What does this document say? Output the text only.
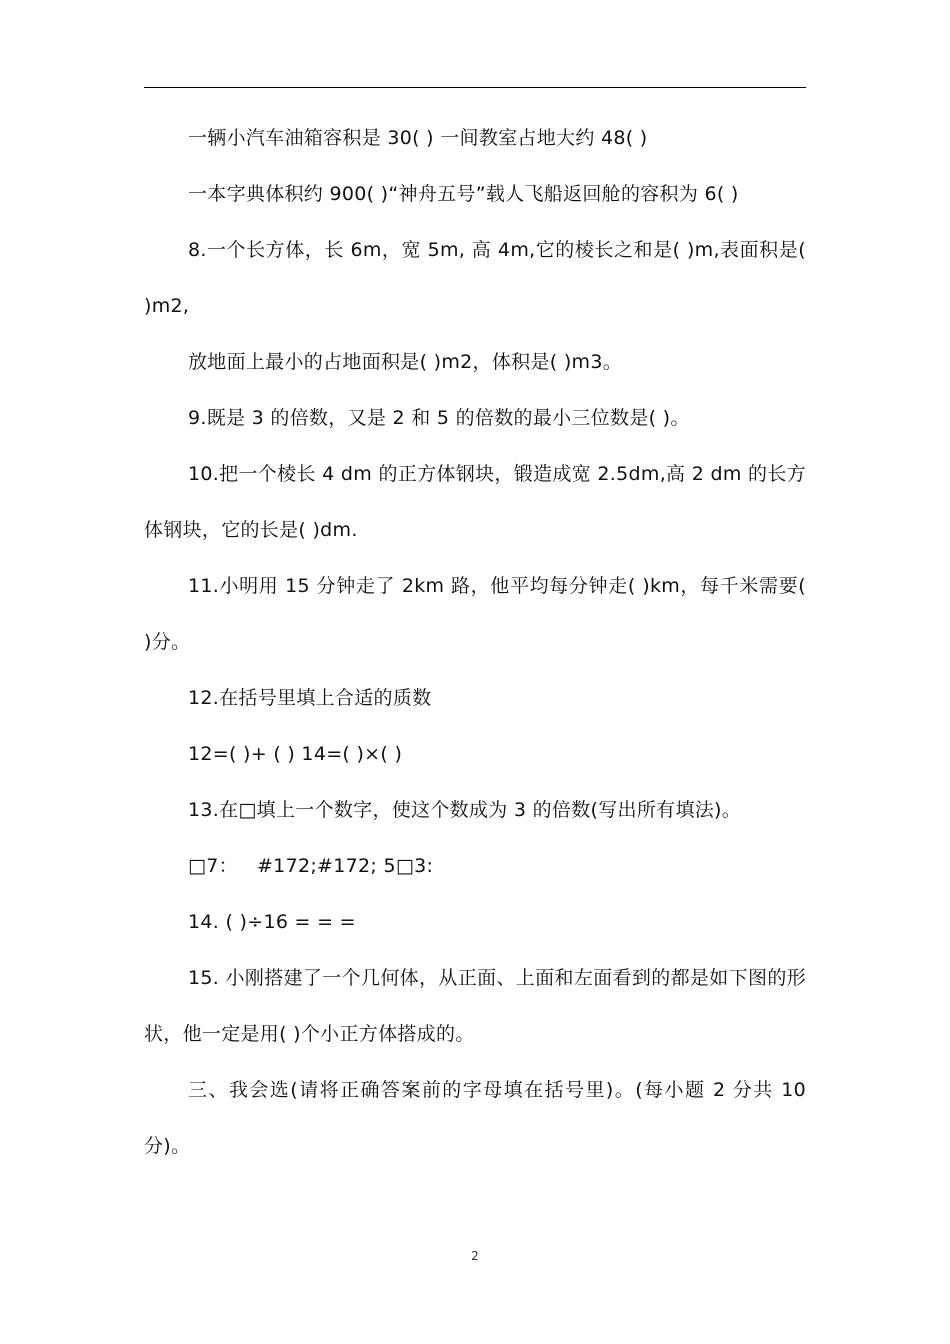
一辆小汽车油箱容积是 30( ) 一间教室占地大约 48( )

一本字典体积约 900( )“神舟五号”载人飞船返回舱的容积为 6( )

8.一个长方体，长 6m，宽 5m, 高 4m,它的棱长之和是( )m,表面积是( )m2,

放地面上最小的占地面积是( )m2，体积是( )m3。

9.既是 3 的倍数，又是 2 和 5 的倍数的最小三位数是( )。

10.把一个棱长 4 dm 的正方体钢块，锻造成宽 2.5dm,高 2 dm 的长方体钢块，它的长是( )dm.

11.小明用 15 分钟走了 2km 路，他平均每分钟走( )km，每千米需要( )分。

12.在括号里填上合适的质数

12=( )+ ( ) 14=( )×( )

13.在□填上一个数字，使这个数成为 3 的倍数(写出所有填法)。

□7：   #172;#172; 5□3:

14. ( )÷16 = = =

15. 小刚搭建了一个几何体，从正面、上面和左面看到的都是如下图的形状，他一定是用( )个小正方体搭成的。

三、我会选(请将正确答案前的字母填在括号里)。(每小题 2 分共 10 分)。

2
